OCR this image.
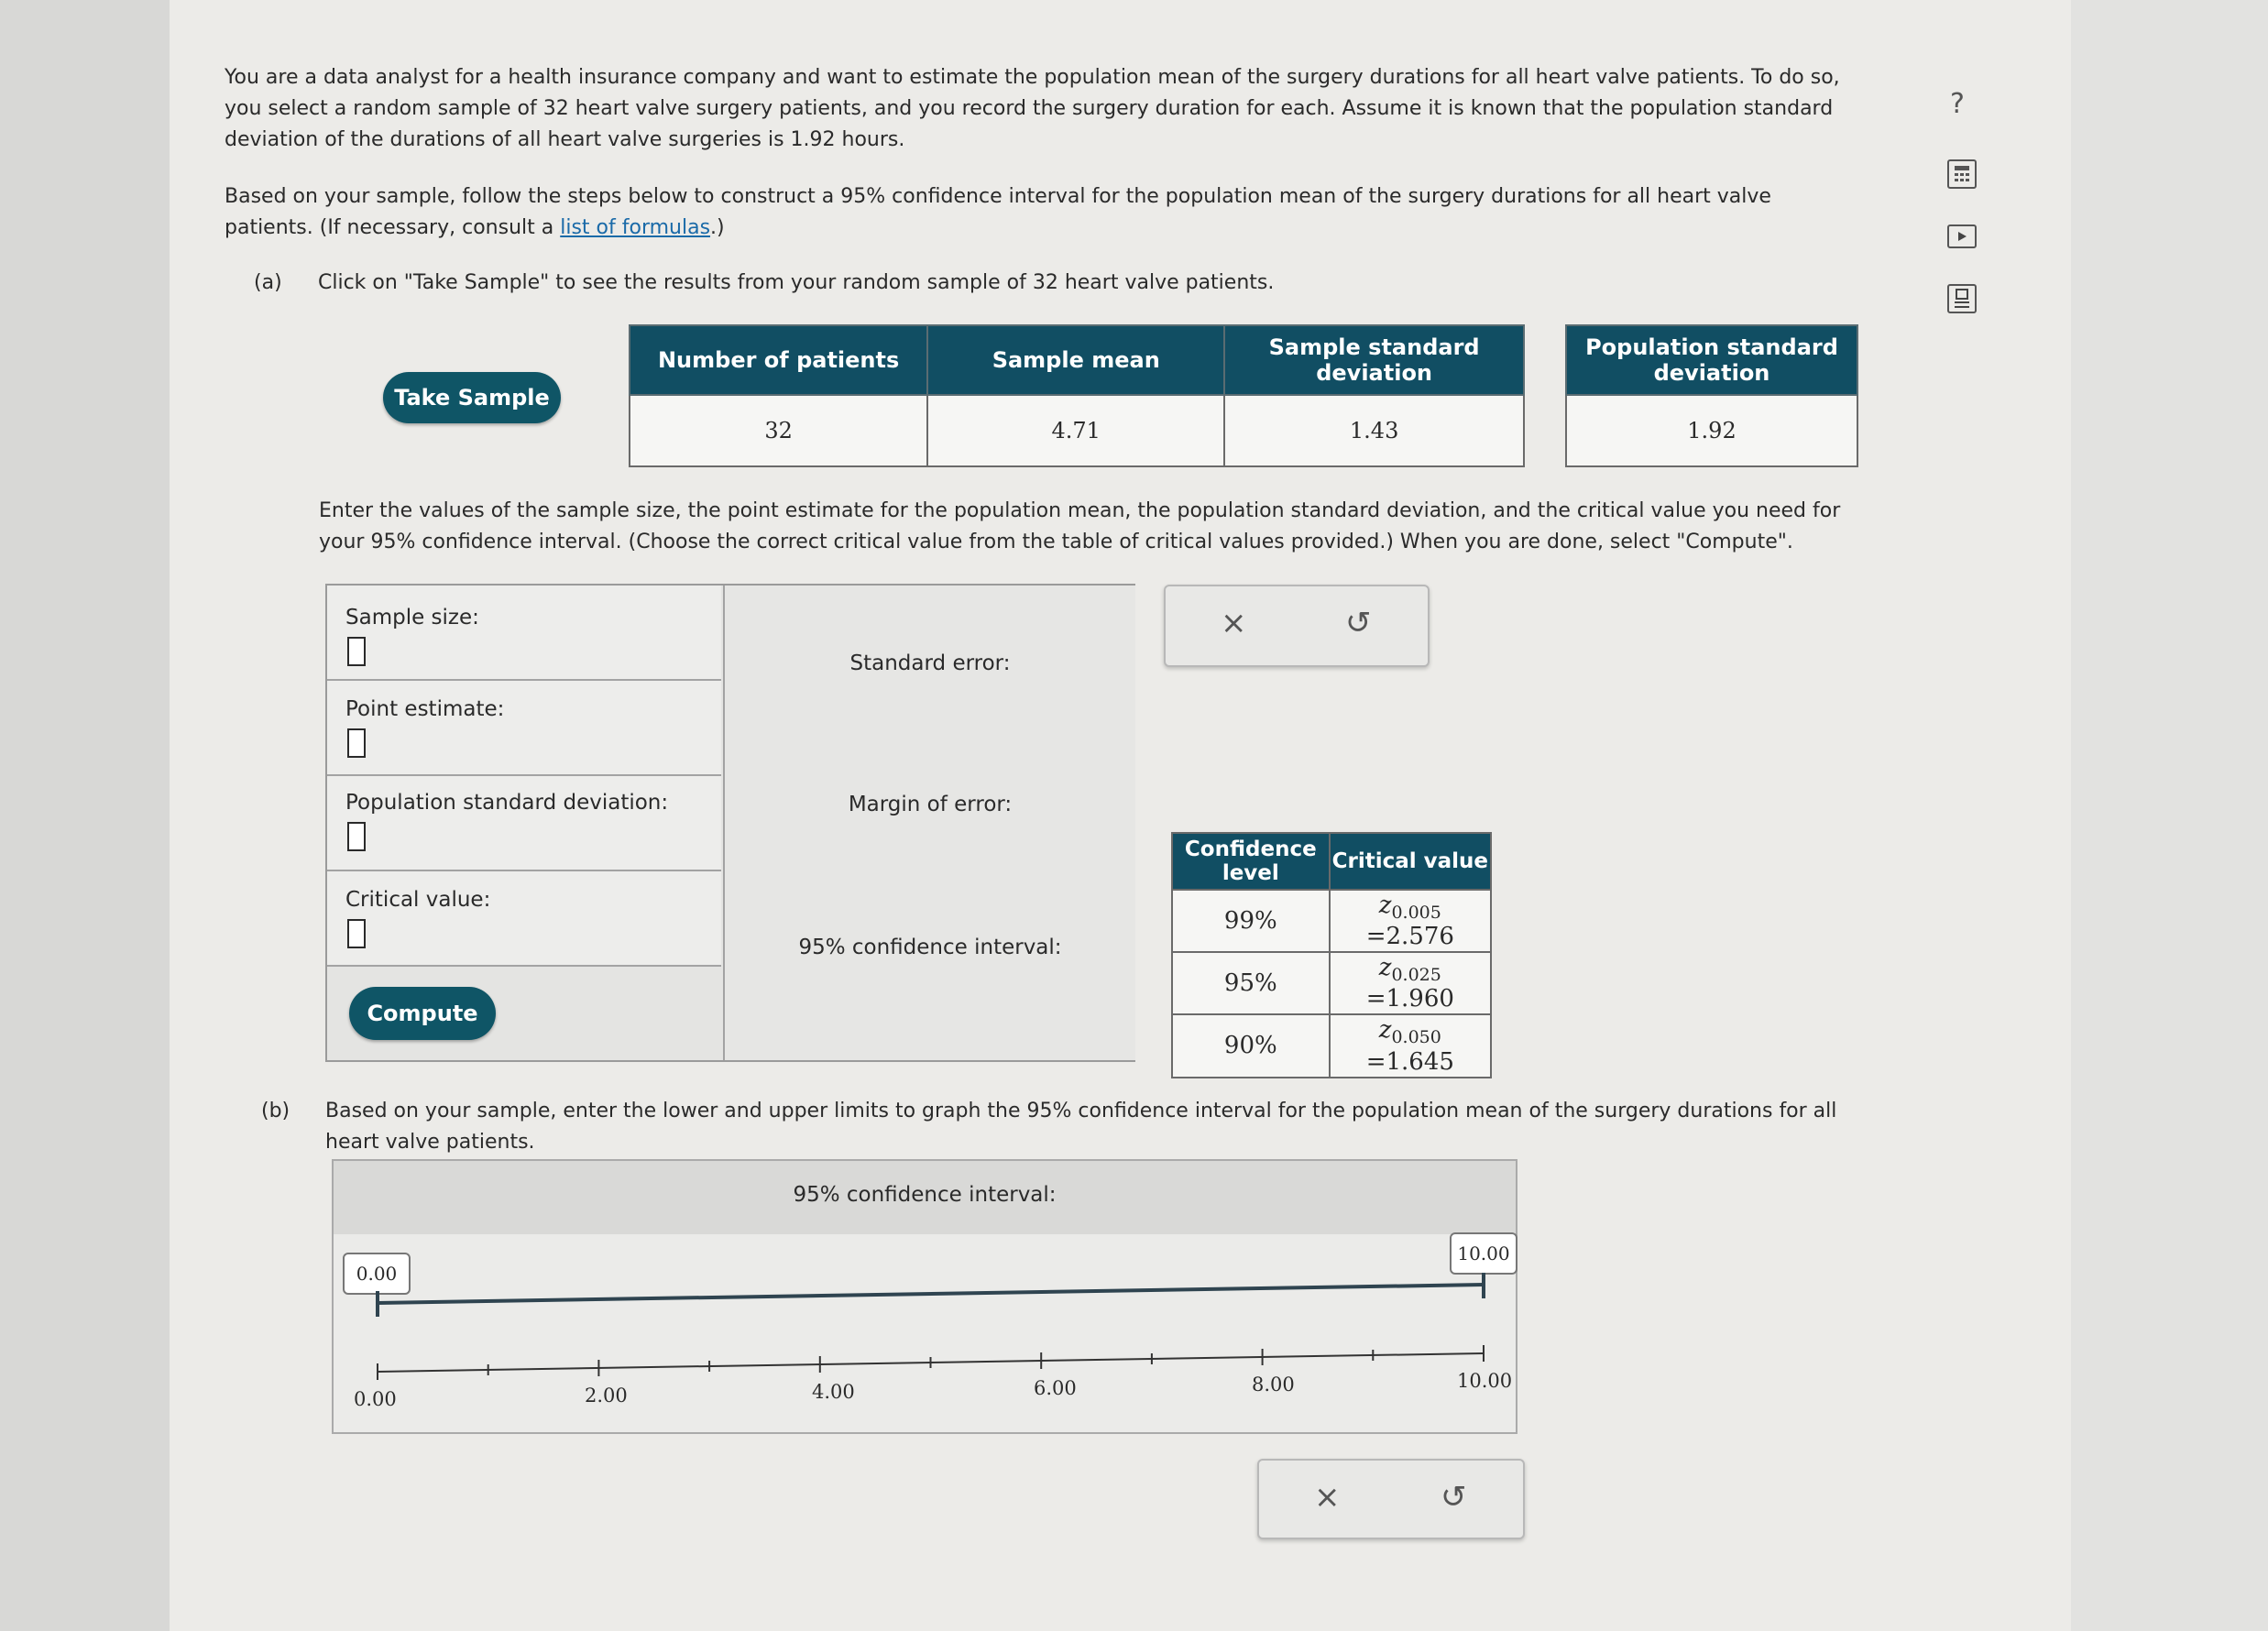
You are a data analyst for a health insurance company and want to estimate the population mean of the surgery durations for all heart valve patients. To do so, you select a random sample of 32 heart valve surgery patients, and you record the surgery duration for each. Assume it is known that the population standard deviation of the durations of all heart valve surgeries is 1.92 hours.
Based on your sample, follow the steps below to construct a 95% confidence interval for the population mean of the surgery durations for all heart valve patients. (If necessary, consult a list of formulas.)
(a) Click on "Take Sample" to see the results from your random sample of 32 heart valve patients.
Take Sample
Number of patients	Sample mean	Sample standard deviation
32	4.71	1.43
Population standard deviation
1.92
Enter the values of the sample size, the point estimate for the population mean, the population standard deviation, and the critical value you need for your 95% confidence interval. (Choose the correct critical value from the table of critical values provided.) When you are done, select "Compute".
Sample size:
Point estimate:
Population standard deviation:
Critical value:
Compute
Standard error:
Margin of error:
95% confidence interval:
×	↺
Confidence level	Critical value
99%	$z_{0.005} =2.576$
95%	$z_{0.025} =1.960$
90%	$z_{0.050} =1.645$
(b) Based on your sample, enter the lower and upper limits to graph the 95% confidence interval for the population mean of the surgery durations for all heart valve patients.
95% confidence interval:
0.00
10.00
0.00	2.00	4.00	6.00	8.00	10.00
×	↺
?
